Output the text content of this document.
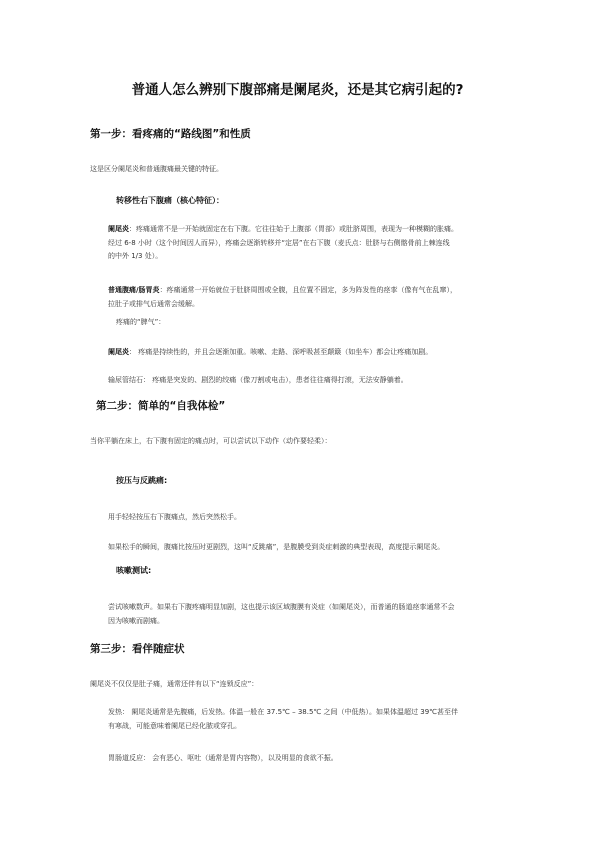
普通人怎么辨别下腹部痛是阑尾炎，还是其它病引起的?
第一步：看疼痛的“路线图”和性质
这是区分阑尾炎和普通腹痛最关键的特征。
转移性右下腹痛（核心特征）：
阑尾炎：疼痛通常不是一开始就固定在右下腹。它往往始于上腹部（胃部）或肚脐周围，表现为一种模糊的胀痛。
经过 6-8 小时（这个时间因人而异），疼痛会逐渐转移并“定居”在右下腹（麦氏点：肚脐与右侧髂骨前上棘连线
的中外 1/3 处）。
普通腹痛/肠胃炎：疼痛通常一开始就位于肚脐周围或全腹，且位置不固定，多为阵发性的痉挛（像有气在乱窜），
拉肚子或排气后通常会缓解。
疼痛的“脾气”：
阑尾炎： 疼痛是持续性的，并且会逐渐加重。咳嗽、走路、深呼吸甚至颠簸（如坐车）都会让疼痛加剧。
输尿管结石： 疼痛是突发的、剧烈的绞痛（像刀割或电击），患者往往痛得打滚，无法安静躺着。
第二步：简单的“自我体检”
当你平躺在床上，右下腹有固定的痛点时，可以尝试以下动作（动作要轻柔）：
按压与反跳痛:
用手轻轻按压右下腹痛点，然后突然松手。
如果松手的瞬间，腹痛比按压时更剧烈，这叫“反跳痛”，是腹膜受到炎症刺激的典型表现，高度提示阑尾炎。
咳嗽测试:
尝试咳嗽数声。如果右下腹疼痛明显加剧，这也提示该区域腹膜有炎症（如阑尾炎），而普通的肠道痉挛通常不会
因为咳嗽而剧痛。
第三步：看伴随症状
阑尾炎不仅仅是肚子痛，通常还伴有以下“连锁反应”：
发热： 阑尾炎通常是先腹痛，后发热。体温一般在 37.5℃ – 38.5℃ 之间（中低热）。如果体温超过 39℃甚至伴
有寒战，可能意味着阑尾已经化脓或穿孔。
胃肠道反应： 会有恶心、呕吐（通常是胃内容物），以及明显的食欲不振。
